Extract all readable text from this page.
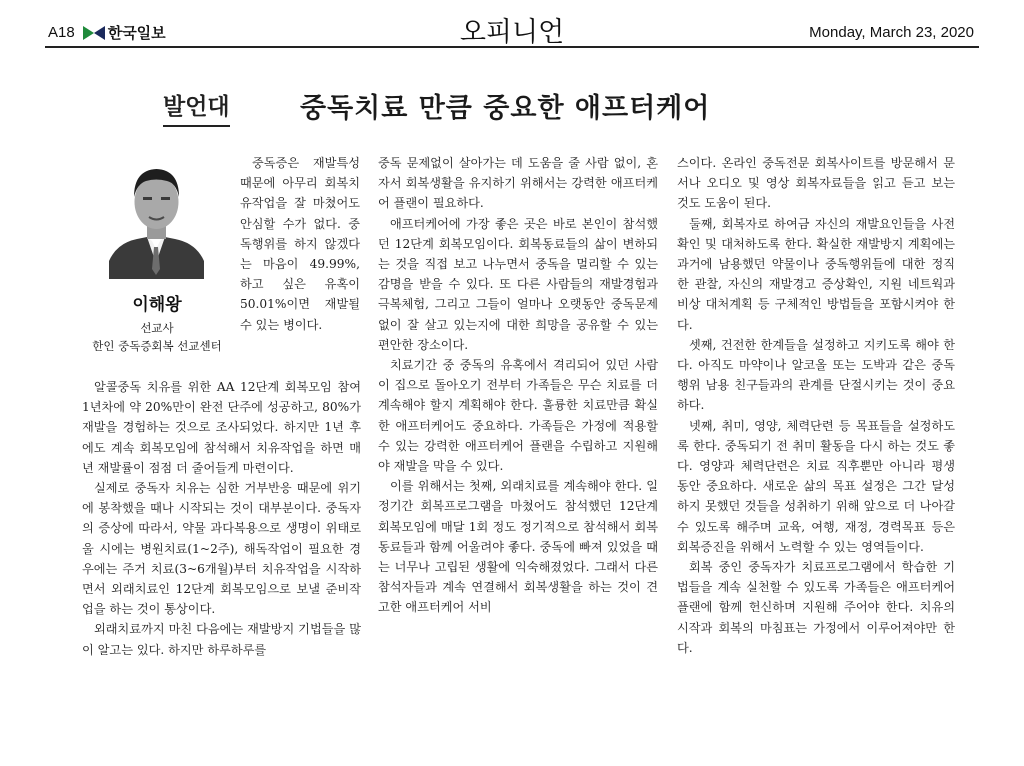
A18 한국일보	오피니언	Monday, March 23, 2020
발언대	중독치료 만큼 중요한 애프터케어
이해왕
선교사
한인 중독증회복 선교센터

중독증은 재발특성 때문에 아무리 회복치유작업을 잘 마쳤어도 안심할 수가 없다. 중독행위를 하지 않겠다는 마음이 49.99%, 하고 싶은 유혹이 50.01%이면 재발될 수 있는 병이다.

알콜중독 치유를 위한 AA 12단계 회복모임 참여 1년차에 약 20%만이 완전 단주에 성공하고, 80%가 재발을 경험하는 것으로 조사되었다. 하지만 1년 후에도 계속 회복모임에 참석해서 치유작업을 하면 매년 재발률이 점점 더 줄어들게 마련이다.

실제로 중독자 치유는 심한 거부반응 때문에 위기에 봉착했을 때나 시작되는 것이 대부분이다. 중독자의 증상에 따라서, 약물 과다복용으로 생명이 위태로울 시에는 병원치료(1~2주), 해독작업이 필요한 경우에는 주거 치료(3~6개월)부터 치유작업을 시작하면서 외래치료인 12단계 회복모임으로 보낼 준비작업을 하는 것이 통상이다.

외래치료까지 마친 다음에는 재발방지 기법들을 많이 알고는 있다. 하지만 하루하루를

중독 문제없이 살아가는 데 도움을 줄 사람 없이, 혼자서 회복생활을 유지하기 위해서는 강력한 애프터케어 플랜이 필요하다.

애프터케어에 가장 좋은 곳은 바로 본인이 참석했던 12단계 회복모임이다. 회복동료들의 삶이 변하되는 것을 직접 보고 나누면서 중독을 멀리할 수 있는 감명을 받을 수 있다. 또 다른 사람들의 재발경험과 극복체험, 그리고 그들이 얼마나 오랫동안 중독문제 없이 잘 살고 있는지에 대한 희망을 공유할 수 있는 편안한 장소이다.

치료기간 중 중독의 유혹에서 격리되어 있던 사람이 집으로 돌아오기 전부터 가족들은 무슨 치료를 더 계속해야 할지 계획해야 한다. 훌륭한 치료만큼 확실한 애프터케어도 중요하다. 가족들은 가정에 적용할 수 있는 강력한 애프터케어 플랜을 수립하고 지원해야 재발을 막을 수 있다.

이를 위해서는 첫째, 외래치료를 계속해야 한다. 일정기간 회복프로그램을 마쳤어도 참석했던 12단계 회복모임에 매달 1회 정도 정기적으로 참석해서 회복동료들과 함께 어울려야 좋다. 중독에 빠져 있었을 때는 너무나 고립된 생활에 익숙해졌었다. 그래서 다른 참석자들과 계속 연결해서 회복생활을 하는 것이 견고한 애프터케어 서비

스이다. 온라인 중독전문 회복사이트를 방문해서 문서나 오디오 및 영상 회복자료들을 읽고 듣고 보는 것도 도움이 된다.

둘째, 회복자로 하여금 자신의 재발요인들을 사전 확인 및 대처하도록 한다. 확실한 재발방지 계획에는 과거에 남용했던 약물이나 중독행위들에 대한 정직한 관찰, 자신의 재발경고 증상확인, 지원 네트웍과 비상 대처계획 등 구체적인 방법들을 포함시켜야 한다.

셋째, 건전한 한계들을 설정하고 지키도록 해야 한다. 아직도 마약이나 알코올 또는 도박과 같은 중독행위 남용 친구들과의 관계를 단절시키는 것이 중요하다.

넷째, 취미, 영양, 체력단련 등 목표들을 설정하도록 한다. 중독되기 전 취미 활동을 다시 하는 것도 좋다. 영양과 체력단련은 치료 직후뿐만 아니라 평생 동안 중요하다. 새로운 삶의 목표 설정은 그간 달성하지 못했던 것들을 성취하기 위해 앞으로 더 나아갈 수 있도록 해주며 교육, 여행, 재정, 경력목표 등은 회복증진을 위해서 노력할 수 있는 영역들이다.

회복 중인 중독자가 치료프로그램에서 학습한 기법들을 계속 실천할 수 있도록 가족들은 애프터케어 플랜에 함께 헌신하며 지원해 주어야 한다. 치유의 시작과 회복의 마침표는 가정에서 이루어져야만 한다.
